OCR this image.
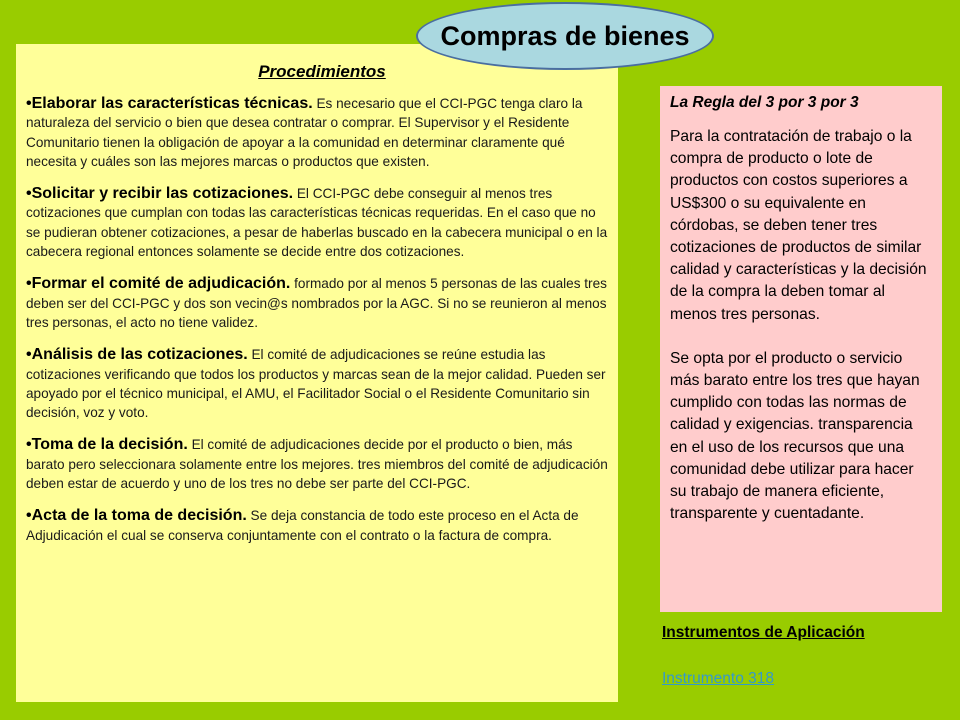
Procedimientos
•Elaborar las características técnicas. Es necesario que el CCI-PGC tenga claro la naturaleza del servicio o bien que desea contratar o comprar. El Supervisor y el Residente Comunitario tienen la obligación de apoyar a la comunidad en determinar claramente qué necesita y cuáles son las mejores marcas o productos que existen.
•Solicitar y recibir las cotizaciones. El CCI-PGC debe conseguir al menos tres cotizaciones que cumplan con todas las características técnicas requeridas. En el caso que no se pudieran obtener cotizaciones, a pesar de haberlas buscado en la cabecera municipal o en la cabecera regional entonces solamente se decide entre dos cotizaciones.
•Formar el comité de adjudicación. formado por al menos 5 personas de las cuales tres deben ser del CCI-PGC y dos son vecin@s nombrados por la AGC. Si no se reunieron al menos tres personas, el acto no tiene validez.
•Análisis de las cotizaciones. El comité de adjudicaciones se reúne estudia las cotizaciones verificando que todos los productos y marcas sean de la mejor calidad. Pueden ser apoyado por el técnico municipal, el AMU, el Facilitador Social o el Residente Comunitario sin decisión, voz y voto.
•Toma de la decisión. El comité de adjudicaciones decide por el producto o bien, más barato pero seleccionara solamente entre los mejores. tres miembros del comité de adjudicación deben estar de acuerdo y uno de los tres no debe ser parte del CCI-PGC.
•Acta de la toma de decisión. Se deja constancia de todo este proceso en el Acta de Adjudicación el cual se conserva conjuntamente con el contrato o la factura de compra.
Compras de bienes
La Regla del 3 por 3 por 3
Para la contratación de trabajo o la compra de producto o lote de productos con costos superiores a US$300 o su equivalente en córdobas, se deben tener tres cotizaciones de productos de similar calidad y características y la decisión de la compra la deben tomar al menos tres personas.
Se opta por el producto o servicio más barato entre los tres que hayan cumplido con todas las normas de calidad y exigencias. transparencia en el uso de los recursos que una comunidad debe utilizar para hacer su trabajo de manera eficiente, transparente y cuentadante.
Instrumentos de Aplicación
Instrumento 318
